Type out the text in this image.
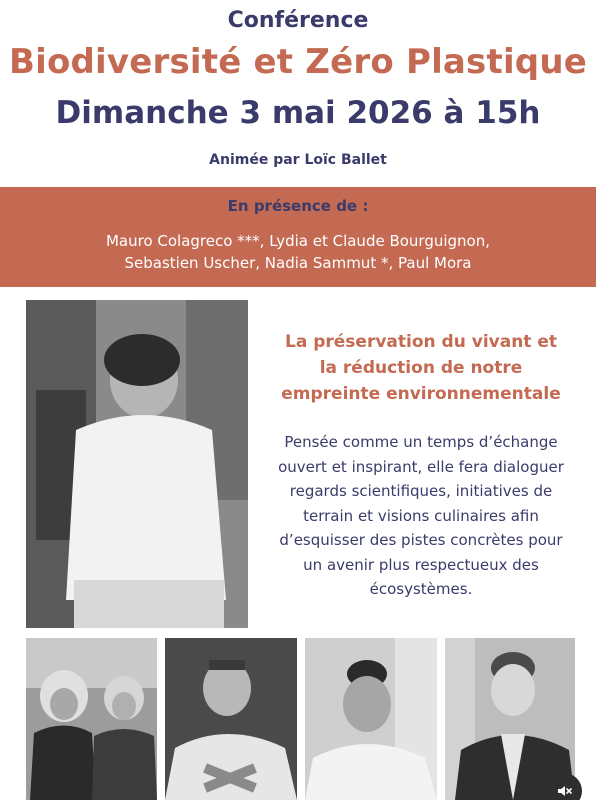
Conférence
Biodiversité et Zéro Plastique
Dimanche 3 mai 2026 à 15h
Animée par Loïc Ballet
En présence de :
Mauro Colagreco ***, Lydia et Claude Bourguignon,
Sebastien Uscher, Nadia Sammut *, Paul Mora
La préservation du vivant et
la réduction de notre
empreinte environnementale
Pensée comme un temps d’échange
ouvert et inspirant, elle fera dialoguer
regards scientifiques, initiatives de
terrain et visions culinaires afin
d’esquisser des pistes concrètes pour
un avenir plus respectueux des
écosystèmes.
